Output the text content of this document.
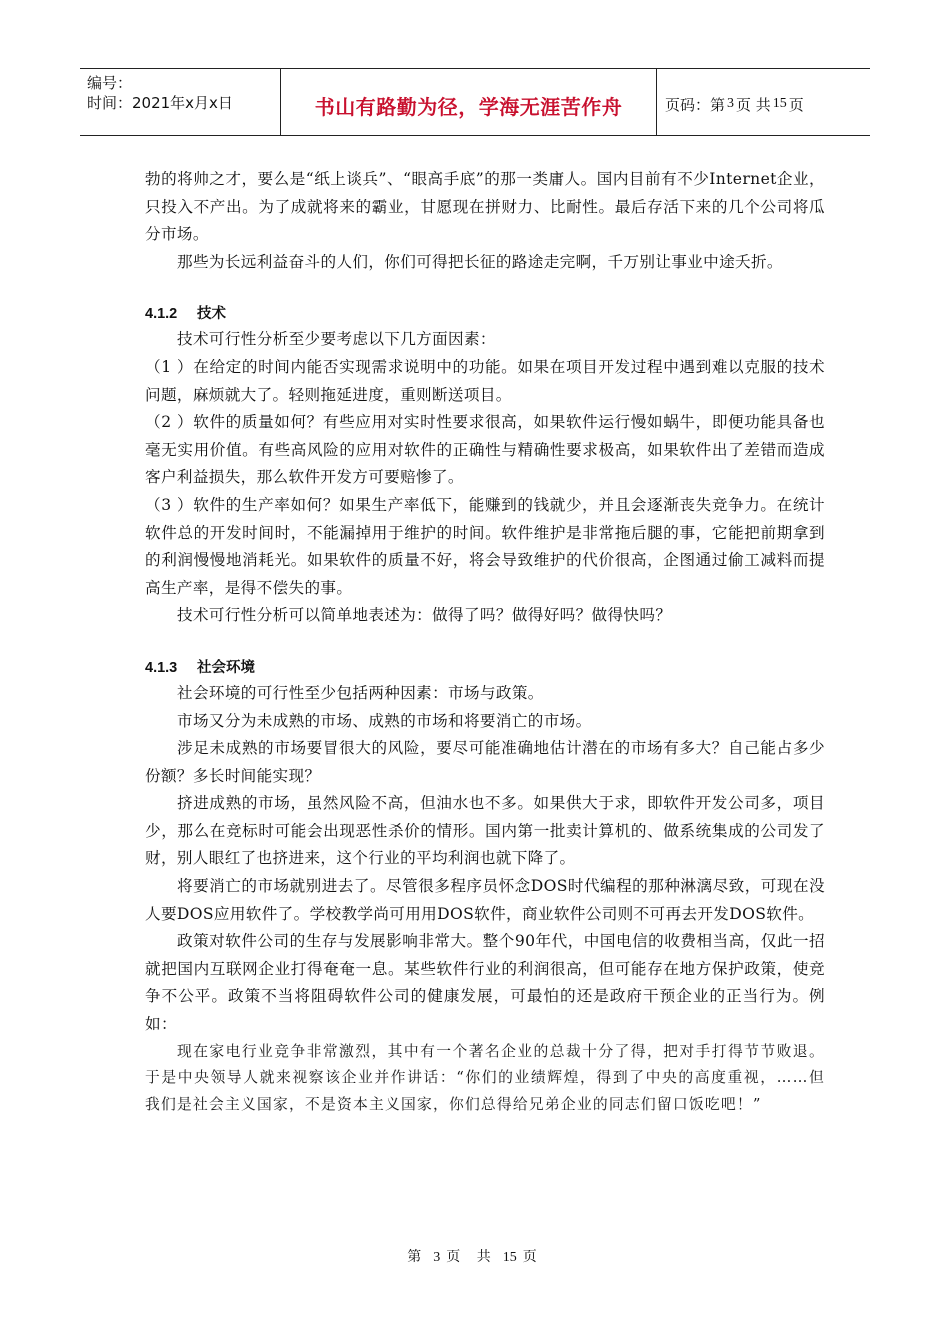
编号：
时间：2021年x月x日	书山有路勤为径，学海无涯苦作舟	页码：第 3 页 共 15 页

勃的将帅之才，要么是“纸上谈兵”、“眼高手底”的那一类庸人。国内目前有不少Internet企业，只投入不产出。为了成就将来的霸业，甘愿现在拼财力、比耐性。最后存活下来的几个公司将瓜分市场。

那些为长远利益奋斗的人们，你们可得把长征的路途走完啊，千万别让事业中途夭折。

4.1.2 技术

技术可行性分析至少要考虑以下几方面因素：

（1 ）在给定的时间内能否实现需求说明中的功能。如果在项目开发过程中遇到难以克服的技术问题，麻烦就大了。轻则拖延进度，重则断送项目。

（2 ）软件的质量如何？有些应用对实时性要求很高，如果软件运行慢如蜗牛，即便功能具备也毫无实用价值。有些高风险的应用对软件的正确性与精确性要求极高，如果软件出了差错而造成客户利益损失，那么软件开发方可要赔惨了。

（3 ）软件的生产率如何？如果生产率低下，能赚到的钱就少，并且会逐渐丧失竞争力。在统计软件总的开发时间时，不能漏掉用于维护的时间。软件维护是非常拖后腿的事，它能把前期拿到的利润慢慢地消耗光。如果软件的质量不好，将会导致维护的代价很高，企图通过偷工减料而提高生产率，是得不偿失的事。

技术可行性分析可以简单地表述为：做得了吗？做得好吗？做得快吗？

4.1.3 社会环境

社会环境的可行性至少包括两种因素：市场与政策。

市场又分为未成熟的市场、成熟的市场和将要消亡的市场。

涉足未成熟的市场要冒很大的风险，要尽可能准确地估计潜在的市场有多大？自己能占多少份额？多长时间能实现？

挤进成熟的市场，虽然风险不高，但油水也不多。如果供大于求，即软件开发公司多，项目少，那么在竞标时可能会出现恶性杀价的情形。国内第一批卖计算机的、做系统集成的公司发了财，别人眼红了也挤进来，这个行业的平均利润也就下降了。

将要消亡的市场就别进去了。尽管很多程序员怀念DOS时代编程的那种淋漓尽致，可现在没人要DOS应用软件了。学校教学尚可用用DOS软件，商业软件公司则不可再去开发DOS软件。

政策对软件公司的生存与发展影响非常大。整个90年代，中国电信的收费相当高，仅此一招就把国内互联网企业打得奄奄一息。某些软件行业的利润很高，但可能存在地方保护政策，使竞争不公平。政策不当将阻碍软件公司的健康发展，可最怕的还是政府干预企业的正当行为。例如：

现在家电行业竞争非常激烈，其中有一个著名企业的总裁十分了得，把对手打得节节败退。于是中央领导人就来视察该企业并作讲话：“你们的业绩辉煌，得到了中央的高度重视，……但我们是社会主义国家，不是资本主义国家，你们总得给兄弟企业的同志们留口饭吃吧！”

第 3 页 共 15 页
